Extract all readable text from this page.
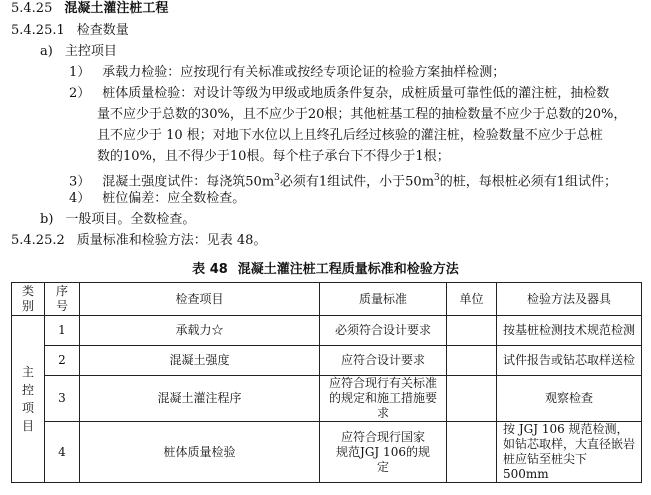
5.4.25 混凝土灌注桩工程
5.4.25.1 检查数量
a) 主控项目
1） 承载力检验：应按现行有关标准或按经专项论证的检验方案抽样检测；
2） 桩体质量检验：对设计等级为甲级或地质条件复杂，成桩质量可靠性低的灌注桩，抽检数
量不应少于总数的30%，且不应少于20根；其他桩基工程的抽检数量不应少于总数的20%，
且不应少于 10 根；对地下水位以上且终孔后经过核验的灌注桩，检验数量不应少于总桩
数的10%，且不得少于10根。每个柱子承台下不得少于1根；
3） 混凝土强度试件：每浇筑$50m^3$必须有1组试件，小于$50m^3$的桩，每根桩必须有1组试件；
4） 桩位偏差：应全数检查。
b) 一般项目。全数检查。
5.4.25.2 质量标准和检验方法：见表 48。
表 48 混凝土灌注桩工程质量标准和检验方法
类别	序号	检查项目	质量标准	单位	检验方法及器具

主控项目	1	承载力☆	必须符合设计要求		按基桩检测技术规范检测
	2	混凝土强度	应符合设计要求		试件报告或钻芯取样送检
	3	混凝土灌注程序	应符合现行有关标准的规定和施工措施要求		观察检查
	4	桩体质量检验	应符合现行国家规范JGJ 106的规定		按 JGJ 106 规范检测，如钻芯取样，大直径嵌岩桩应钻至桩尖下 500mm
